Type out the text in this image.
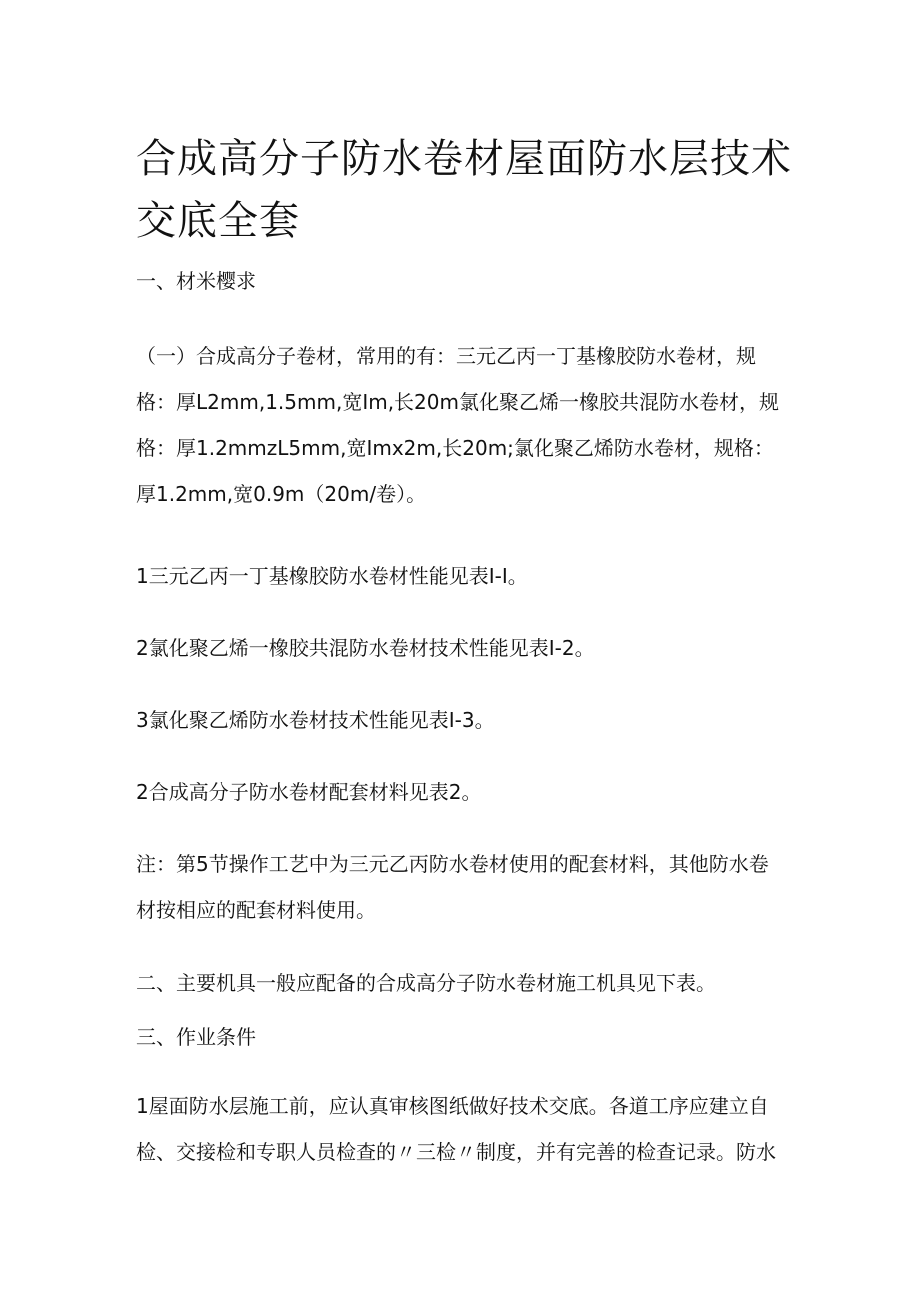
合成高分子防水卷材屋面防水层技术交底全套

一、材米樱求

（一）合成高分子卷材，常用的有：三元乙丙一丁基橡胶防水卷材，规格：厚L2mm,1.5mm,宽Im,长20m氯化聚乙烯一橡胶共混防水卷材，规格：厚1.2mmzL5mm,宽Imx2m,长20m;氯化聚乙烯防水卷材，规格：厚1.2mm,宽0.9m（20m/卷）。

1三元乙丙一丁基橡胶防水卷材性能见表I-I。

2氯化聚乙烯一橡胶共混防水卷材技术性能见表I-2。

3氯化聚乙烯防水卷材技术性能见表I-3。

2合成高分子防水卷材配套材料见表2。

注：第5节操作工艺中为三元乙丙防水卷材使用的配套材料，其他防水卷材按相应的配套材料使用。

二、主要机具一般应配备的合成高分子防水卷材施工机具见下表。

三、作业条件

1屋面防水层施工前，应认真审核图纸做好技术交底。各道工序应建立自检、交接检和专职人员检查的〃三检〃制度，并有完善的检查记录。防水
